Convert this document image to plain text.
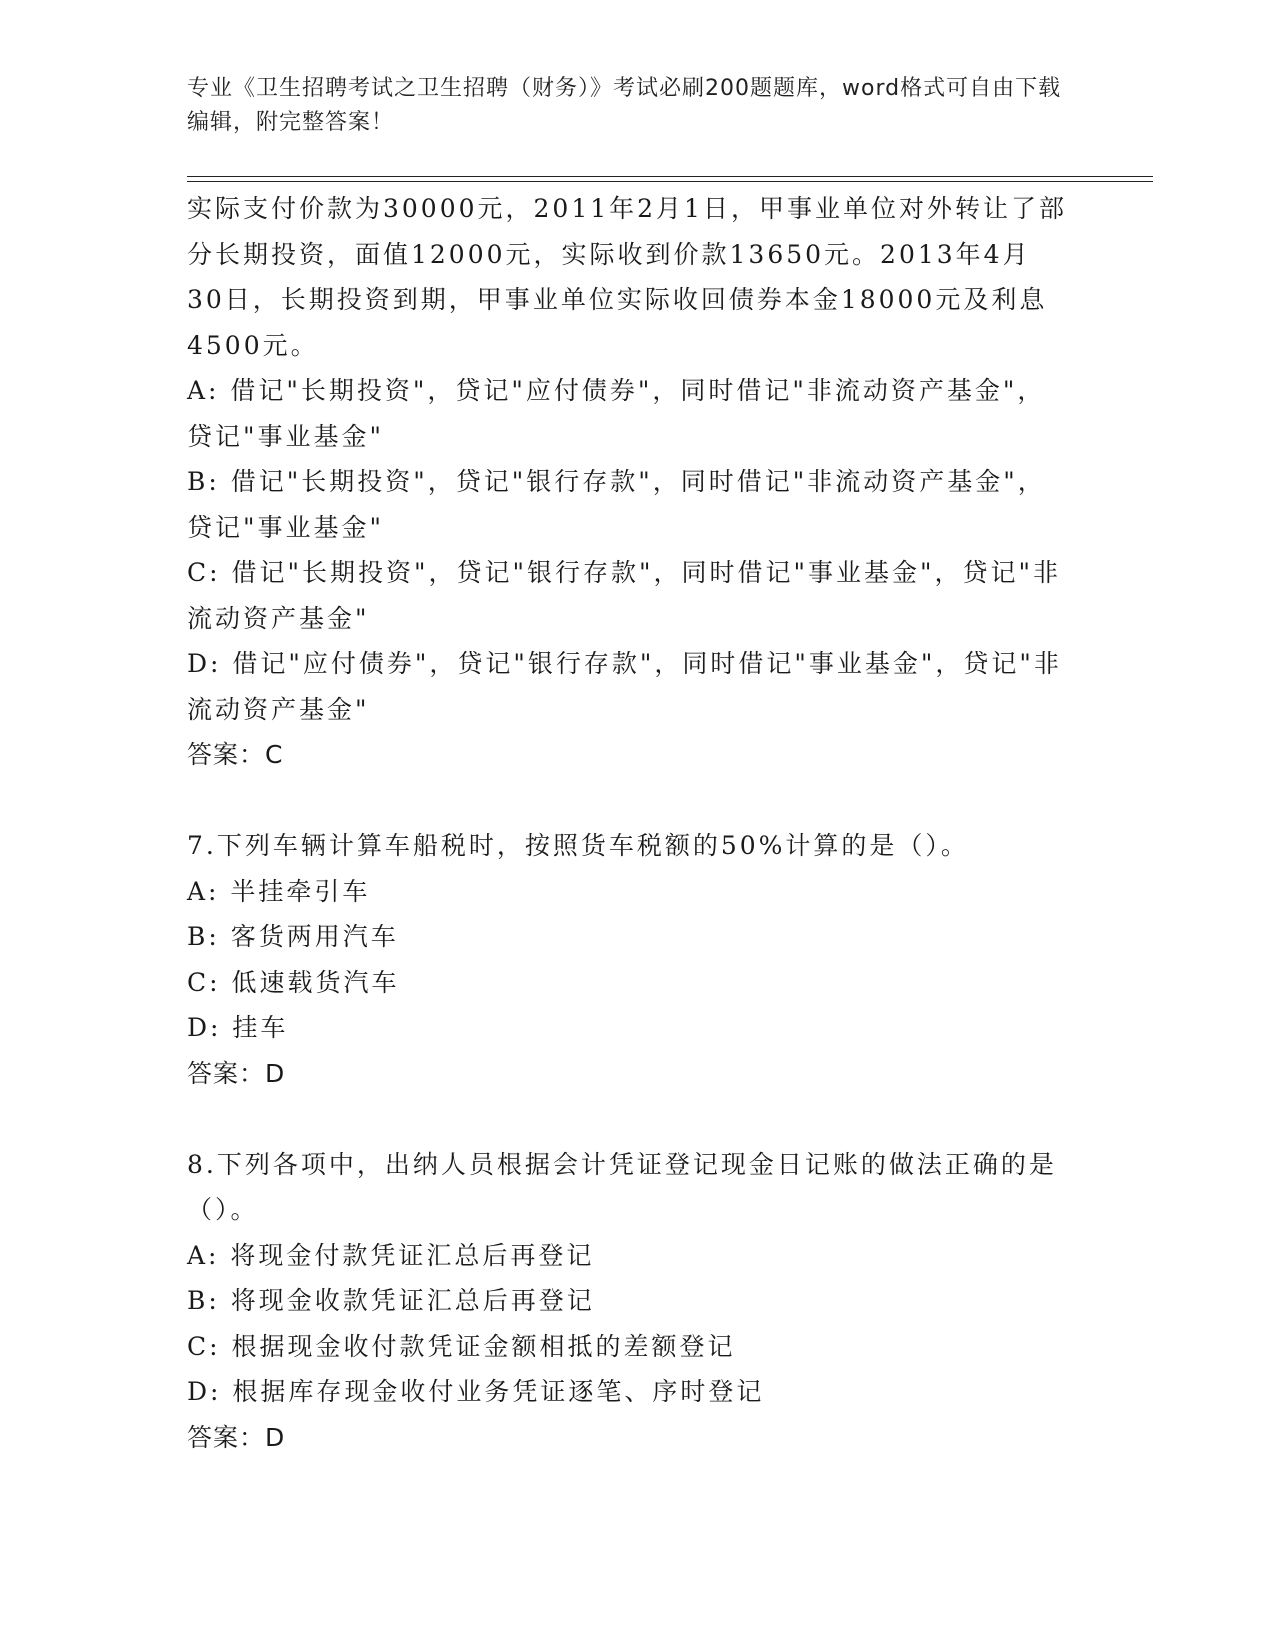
专业《卫生招聘考试之卫生招聘（财务）》考试必刷200题题库，word格式可自由下载编辑，附完整答案！

实际支付价款为30000元，2011年2月1日，甲事业单位对外转让了部分长期投资，面值12000元，实际收到价款13650元。2013年4月30日，长期投资到期，甲事业单位实际收回债券本金18000元及利息4500元。

A: 借记"长期投资"，贷记"应付债券"，同时借记"非流动资产基金"，贷记"事业基金"

B: 借记"长期投资"，贷记"银行存款"，同时借记"非流动资产基金"，贷记"事业基金"

C: 借记"长期投资"，贷记"银行存款"，同时借记"事业基金"，贷记"非流动资产基金"

D: 借记"应付债券"，贷记"银行存款"，同时借记"事业基金"，贷记"非流动资产基金"

答案：C

7.下列车辆计算车船税时，按照货车税额的50%计算的是（）。

A: 半挂牵引车

B: 客货两用汽车

C: 低速载货汽车

D: 挂车

答案：D

8.下列各项中，出纳人员根据会计凭证登记现金日记账的做法正确的是（）。

A: 将现金付款凭证汇总后再登记

B: 将现金收款凭证汇总后再登记

C: 根据现金收付款凭证金额相抵的差额登记

D: 根据库存现金收付业务凭证逐笔、序时登记

答案：D
